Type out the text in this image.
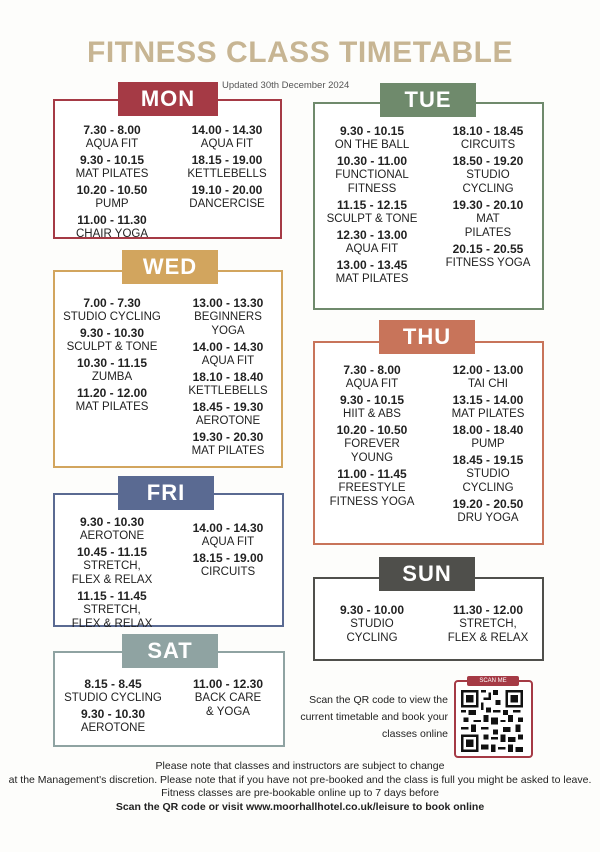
FITNESS CLASS TIMETABLE
Updated 30th December 2024
7.30 - 8.00
AQUA FIT
9.30 - 10.15
MAT PILATES
10.20 - 10.50
PUMP
11.00 - 11.30
CHAIR YOGA
14.00 - 14.30
AQUA FIT
18.15 - 19.00
KETTLEBELLS
19.10 - 20.00
DANCERCISE
MON
9.30 - 10.15
ON THE BALL
10.30 - 11.00
FUNCTIONAL
FITNESS
11.15 - 12.15
SCULPT & TONE
12.30 - 13.00
AQUA FIT
13.00 - 13.45
MAT PILATES
18.10 - 18.45
CIRCUITS
18.50 - 19.20
STUDIO
CYCLING
19.30 - 20.10
MAT
PILATES
20.15 - 20.55
FITNESS YOGA
TUE
7.00 - 7.30
STUDIO CYCLING
9.30 - 10.30
SCULPT & TONE
10.30 - 11.15
ZUMBA
11.20 - 12.00
MAT PILATES
13.00 - 13.30
BEGINNERS
YOGA
14.00 - 14.30
AQUA FIT
18.10 - 18.40
KETTLEBELLS
18.45 - 19.30
AEROTONE
19.30 - 20.30
MAT PILATES
WED
7.30 - 8.00
AQUA FIT
9.30 - 10.15
HIIT & ABS
10.20 - 10.50
FOREVER
YOUNG
11.00 - 11.45
FREESTYLE
FITNESS YOGA
12.00 - 13.00
TAI CHI
13.15 - 14.00
MAT PILATES
18.00 - 18.40
PUMP
18.45 - 19.15
STUDIO
CYCLING
19.20 - 20.50
DRU YOGA
THU
9.30 - 10.30
AEROTONE
10.45 - 11.15
STRETCH,
FLEX & RELAX
11.15 - 11.45
STRETCH,
FLEX & RELAX
14.00 - 14.30
AQUA FIT
18.15 - 19.00
CIRCUITS
FRI
9.30 - 10.00
STUDIO
CYCLING
11.30 - 12.00
STRETCH,
FLEX & RELAX
SUN
8.15 - 8.45
STUDIO CYCLING
9.30 - 10.30
AEROTONE
11.00 - 12.30
BACK CARE
& YOGA
SAT
Scan the QR code to view the current timetable and book your classes online
SCAN ME
Please note that classes and instructors are subject to change
at the Management's discretion. Please note that if you have not pre-booked and the class is full you might be asked to leave. Fitness classes are pre-bookable online up to 7 days before
Scan the QR code or visit www.moorhallhotel.co.uk/leisure to book online
